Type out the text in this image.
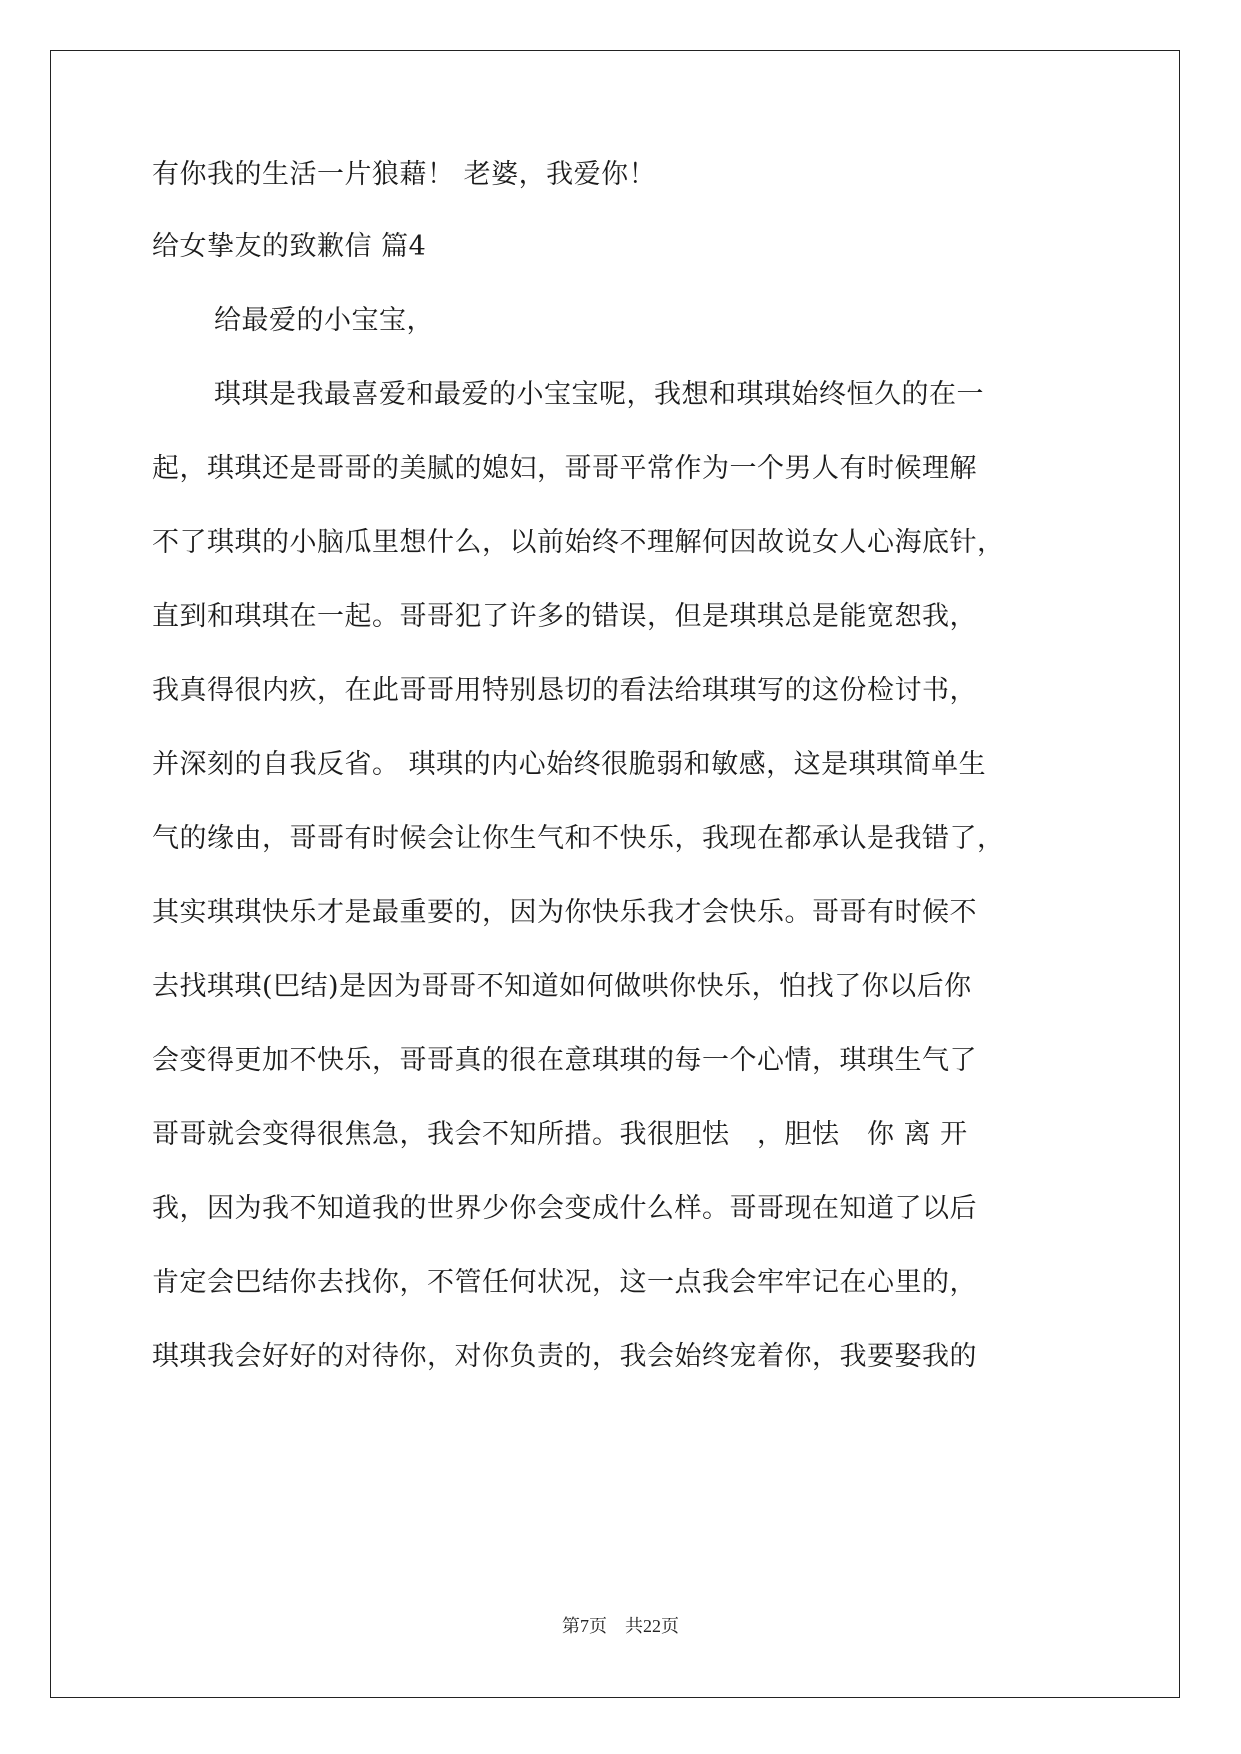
有你我的生活一片狼藉！ 老婆，我爱你！
给女挚友的致歉信 篇4
给最爱的小宝宝，
琪琪是我最喜爱和最爱的小宝宝呢，我想和琪琪始终恒久的在一
起，琪琪还是哥哥的美腻的媳妇，哥哥平常作为一个男人有时候理解
不了琪琪的小脑瓜里想什么，以前始终不理解何因故说女人心海底针，
直到和琪琪在一起。哥哥犯了许多的错误，但是琪琪总是能宽恕我，
我真得很内疚，在此哥哥用特别恳切的看法给琪琪写的这份检讨书，
并深刻的自我反省。 琪琪的内心始终很脆弱和敏感，这是琪琪简单生
气的缘由，哥哥有时候会让你生气和不快乐，我现在都承认是我错了，
其实琪琪快乐才是最重要的，因为你快乐我才会快乐。哥哥有时候不
去找琪琪(巴结)是因为哥哥不知道如何做哄你快乐，怕找了你以后你
会变得更加不快乐，哥哥真的很在意琪琪的每一个心情，琪琪生气了
哥哥就会变得很焦急，我会不知所措。我很胆怯　，胆怯　你 离 开
我，因为我不知道我的世界少你会变成什么样。哥哥现在知道了以后
肯定会巴结你去找你，不管任何状况，这一点我会牢牢记在心里的，
琪琪我会好好的对待你，对你负责的，我会始终宠着你，我要娶我的
第7页　共22页
